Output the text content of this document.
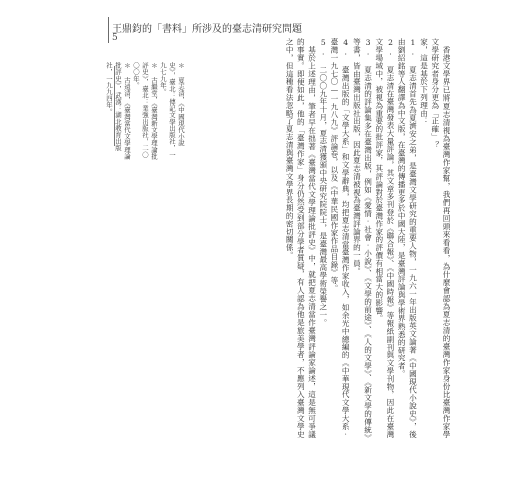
王鼎鈞的「書料」所涉及的臺志清研究問題
5

香港文學界已將夏志清視為臺灣作家幫，我們再回頭來看看，為什麼會認為夏志清的臺灣作家身份比臺灣作家學文學研究者身分更為「正確」？

家，這是基於下列理由：

1. 夏志清首先為夏濟安之弟，是臺灣文學研究的重要人物，一九六一年出版英文論著《中國現代小說史》，後由劉紹銘等人翻譯為中文版，在臺灣的傳播更多於中國大陸，是臺灣評論與學術界熟悉的研究者。

2. 夏志清在臺灣發表大量評論，其文章多刊登於《聯合報》、《中國時報》等報紙副刊與文學刊物，因此在臺灣文學場域中，被視為重要的批評家，其評論對於臺灣作家的評價有相當大的影響。

3. 夏志清的評論集多在臺灣出版，例如《愛情‧社會‧小說》、《文學的前途》、《人的文學》、《新文學的傳統》等書，皆由臺灣出版社出版，因此夏志清被視為臺灣評論界的一員。

4. 臺灣出版的「文學大系」和文學辭典，均把夏志清當臺灣作家收入，如余光中總編的《中華現代文學大系‧臺灣一九七〇—一九八九》評論卷，以及《中華民國作家作品目錄》等。

5. 二〇〇九年十月，夏志清獲頒中央研究院院士，是臺灣最高學術榮譽之一。

基於上述理由，筆者早在拙著《臺灣當代文學理論批評史》中，就把夏志清當作臺灣評論家論述，這是無可爭議的事實。即便如此，他的「臺灣作家」身分仍然受到部分學者質疑，有人認為他是旅美學者，不應列入臺灣文學史之中，但這種看法忽略了夏志清與臺灣文學界長期的密切關係。

＊ 夏志清，《中國現代小說史》，臺北：傳記文學出版社，一九七九年。

＊ 古繼堂，《臺灣新文學理論批評史》，臺北：業強出版社，二〇〇〇年。

＊ 古遠清，《臺灣當代文學理論批評史》，武漢：湖北教育出版社，一九九四年。
